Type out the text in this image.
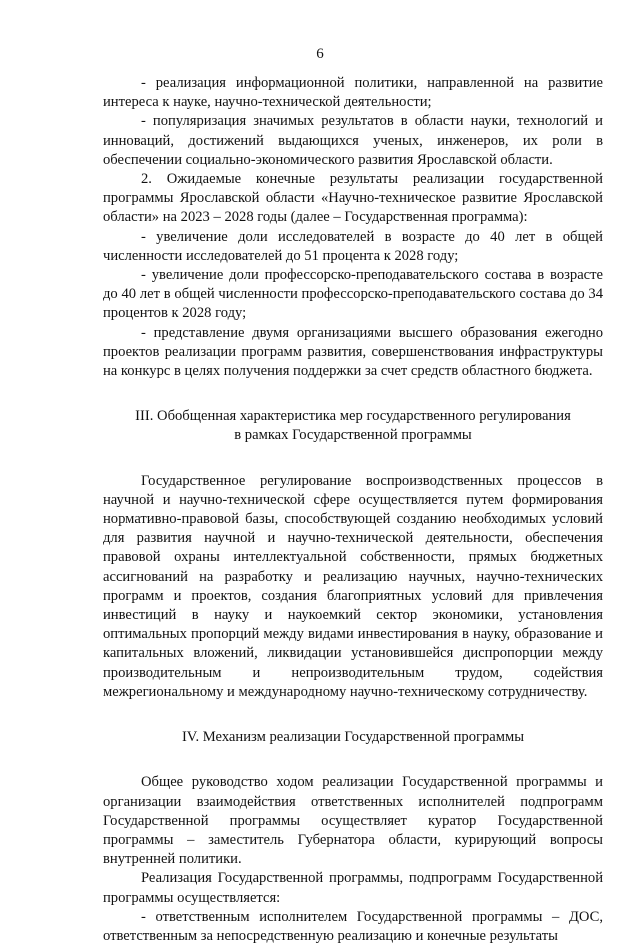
6

- реализация информационной политики, направленной на развитие интереса к науке, научно-технической деятельности;

- популяризация значимых результатов в области науки, технологий и инноваций, достижений выдающихся ученых, инженеров, их роли в обеспечении социально-экономического развития Ярославской области.

2. Ожидаемые конечные результаты реализации государственной программы Ярославской области «Научно-техническое развитие Ярославской области» на 2023 – 2028 годы (далее – Государственная программа):

- увеличение доли исследователей в возрасте до 40 лет в общей численности исследователей до 51 процента к 2028 году;

- увеличение доли профессорско-преподавательского состава в возрасте до 40 лет в общей численности профессорско-преподавательского состава до 34 процентов к 2028 году;

- представление двумя организациями высшего образования ежегодно проектов реализации программ развития, совершенствования инфраструктуры на конкурс в целях получения поддержки за счет средств областного бюджета.

III. Обобщенная характеристика мер государственного регулирования
в рамках Государственной программы

Государственное регулирование воспроизводственных процессов в научной и научно-технической сфере осуществляется путем формирования нормативно-правовой базы, способствующей созданию необходимых условий для развития научной и научно-технической деятельности, обеспечения правовой охраны интеллектуальной собственности, прямых бюджетных ассигнований на разработку и реализацию научных, научно-технических программ и проектов, создания благоприятных условий для привлечения инвестиций в науку и наукоемкий сектор экономики, установления оптимальных пропорций между видами инвестирования в науку, образование и капитальных вложений, ликвидации установившейся диспропорции между производительным и непроизводительным трудом, содействия межрегиональному и международному научно-техническому сотрудничеству.

IV. Механизм реализации Государственной программы

Общее руководство ходом реализации Государственной программы и организации взаимодействия ответственных исполнителей подпрограмм Государственной программы осуществляет куратор Государственной программы – заместитель Губернатора области, курирующий вопросы внутренней политики.

Реализация Государственной программы, подпрограмм Государственной программы осуществляется:

- ответственным исполнителем Государственной программы – ДОС, ответственным за непосредственную реализацию и конечные результаты
